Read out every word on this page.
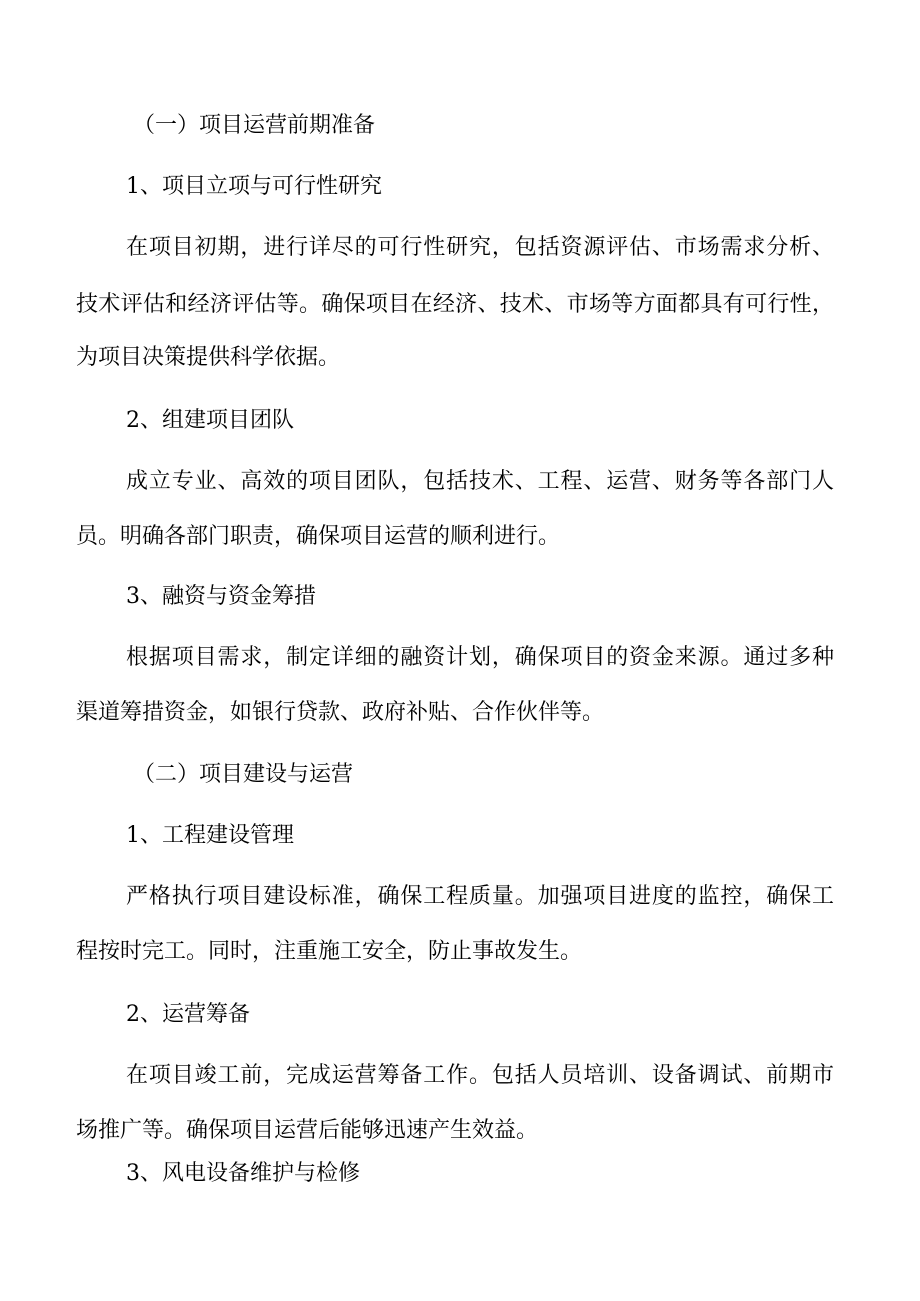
（一）项目运营前期准备
1、项目立项与可行性研究
在项目初期，进行详尽的可行性研究，包括资源评估、市场需求分析、
技术评估和经济评估等。确保项目在经济、技术、市场等方面都具有可行性，
为项目决策提供科学依据。
2、组建项目团队
成立专业、高效的项目团队，包括技术、工程、运营、财务等各部门人
员。明确各部门职责，确保项目运营的顺利进行。
3、融资与资金筹措
根据项目需求，制定详细的融资计划，确保项目的资金来源。通过多种
渠道筹措资金，如银行贷款、政府补贴、合作伙伴等。
（二）项目建设与运营
1、工程建设管理
严格执行项目建设标准，确保工程质量。加强项目进度的监控，确保工
程按时完工。同时，注重施工安全，防止事故发生。
2、运营筹备
在项目竣工前，完成运营筹备工作。包括人员培训、设备调试、前期市
场推广等。确保项目运营后能够迅速产生效益。
3、风电设备维护与检修
